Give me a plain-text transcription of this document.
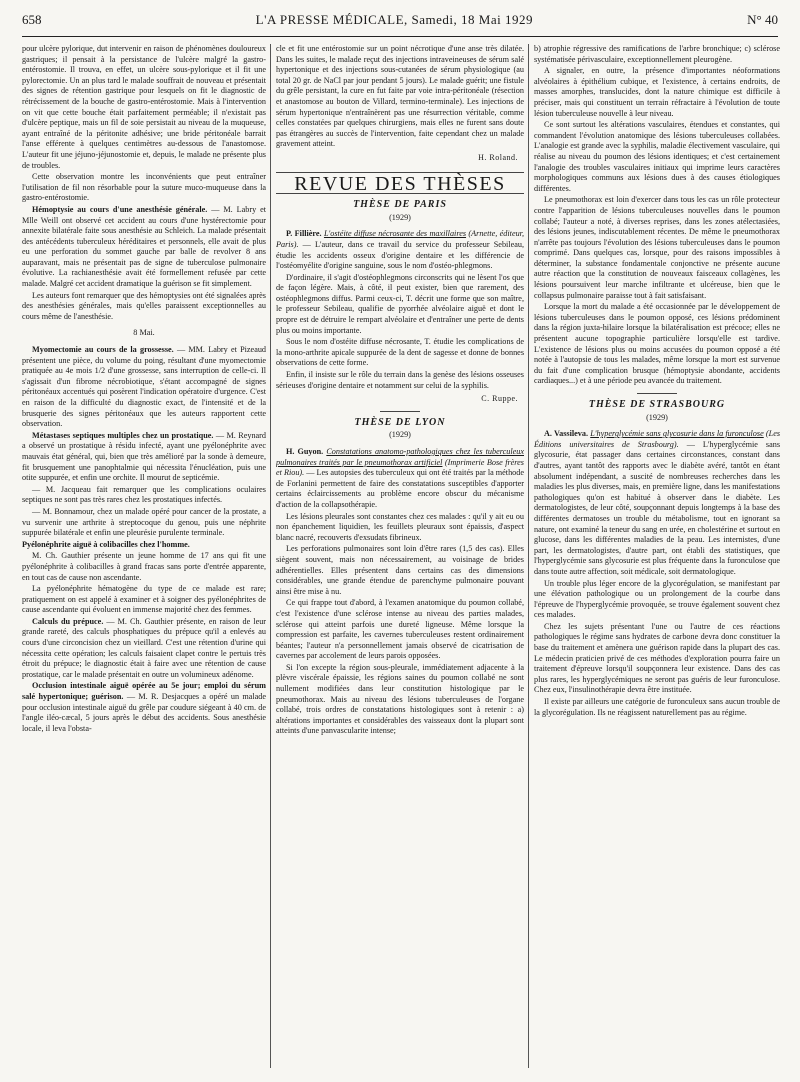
658	L'A PRESSE MÉDICALE, Samedi, 18 Mai 1929	N° 40

pour ulcère pylorique, dut intervenir en raison de phénomènes douloureux gastriques; il pensait à la persistance de l'ulcère malgré la gastro-entérostomie. Il trouva, en effet, un ulcère sous-pylorique et il fit une pylorectomie. Un an plus tard le malade souffrait de nouveau et présentait des signes de rétention gastrique pour lesquels on fit le diagnostic de rétrécissement de la bouche de gastro-entérostomie. Mais à l'intervention on vit que cette bouche était parfaitement perméable; il n'existait pas d'ulcère peptique, mais un fil de soie persistait au niveau de la muqueuse, ayant entraîné de la péritonite adhésive; une bride péritonéale barrait l'anse efférente à quelques centimètres au-dessous de l'anastomose. L'auteur fit une jéjuno-jéjunostomie et, depuis, le malade ne présente plus de troubles.

Cette observation montre les inconvénients que peut entraîner l'utilisation de fil non résorbable pour la suture muco-muqueuse dans la gastro-entérostomie.

Hémoptysie au cours d'une anesthésie générale. — M. Labry et Mlle Weill ont observé cet accident au cours d'une hystérectomie pour annexite bilatérale faite sous anesthésie au Schleich. La malade présentait des antécédents tuberculeux héréditaires et personnels, elle avait de plus eu une perforation du sommet gauche par balle de revolver 8 ans auparavant, mais ne présentait pas de signe de tuberculose pulmonaire évolutive. La rachianesthésie avait été formellement refusée par cette malade. Malgré cet accident dramatique la guérison se fit simplement.

Les auteurs font remarquer que des hémoptysies ont été signalées après des anesthésies générales, mais qu'elles paraissent exceptionnelles au cours même de l'anesthésie.

8 Mai.

Myomectomie au cours de la grossesse. — MM. Labry et Pizeaud présentent une pièce, du volume du poing, résultant d'une myomectomie pratiquée au 4e mois 1/2 d'une grossesse, sans interruption de celle-ci. Il s'agissait d'un fibrome nécrobiotique, s'étant accompagné de signes péritonéaux accentués qui posèrent l'indication opératoire d'urgence. C'est en raison de la difficulté du diagnostic exact, de l'intensité et de la brusquerie des signes péritonéaux que les auteurs rapportent cette observation.

Métastases septiques multiples chez un prostatique. — M. Reynard a observé un prostatique à résidu infecté, ayant une pyélonéphrite avec mauvais état général, qui, bien que très amélioré par la sonde à demeure, fit brusquement une panophtalmie qui nécessita l'énucléation, puis une otite suppurée, et enfin une orchite. Il mourut de septicémie.

— M. Jacqueau fait remarquer que les complications oculaires septiques ne sont pas très rares chez les prostatiques infectés.

— M. Bonnamour, chez un malade opéré pour cancer de la prostate, a vu survenir une arthrite à streptocoque du genou, puis une néphrite suppurée bilatérale et enfin une pleurésie purulente terminale.

Pyélonéphrite aiguë à colibacilles chez l'homme.

M. Ch. Gauthier présente un jeune homme de 17 ans qui fit une pyélonéphrite à colibacilles à grand fracas sans porte d'entrée apparente, en tout cas de cause non ascendante.

La pyélonéphrite hématogène du type de ce malade est rare; pratiquement on est appelé à examiner et à soigner des pyélonéphrites de cause ascendante qui évoluent en immense majorité chez des femmes.

Calculs du prépuce. — M. Ch. Gauthier présente, en raison de leur grande rareté, des calculs phosphatiques du prépuce qu'il a enlevés au cours d'une circoncision chez un vieillard. C'est une rétention d'urine qui nécessita cette opération; les calculs faisaient clapet contre le pertuis très étroit du prépuce; le diagnostic était à faire avec une rétention de cause prostatique, car le malade présentait en outre un volumineux adénome.

Occlusion intestinale aiguë opérée au 5e jour; emploi du sérum salé hypertonique; guérison. — M. R. Desjacques a opéré un malade pour occlusion intestinale aiguë du grêle par coudure siégeant à 40 cm. de l'angle iléo-cæcal, 5 jours après le début des accidents. Sous anesthésie locale, il leva l'obsta-

cle et fit une entérostomie sur un point nécrotique d'une anse très dilatée. Dans les suites, le malade reçut des injections intraveineuses de sérum salé hypertonique et des injections sous-cutanées de sérum physiologique (au total 20 gr. de NaCl par jour pendant 5 jours). Le malade guérit; une fistule du grêle persistant, la cure en fut faite par voie intra-péritonéale (résection et anastomose au bouton de Villard, termino-terminale). Les injections de sérum hypertonique n'entraînèrent pas une résurrection véritable, comme celles constatées par quelques chirurgiens, mais elles ne furent sans doute pas étrangères au succès de l'intervention, faite cependant chez un malade gravement atteint.

H. Roland.
REVUE DES THÈSES
THÈSE DE PARIS
(1929)

P. Fillière. L'ostéite diffuse nécrosante des maxillaires (Arnette, éditeur, Paris). — L'auteur, dans ce travail du service du professeur Sebileau, étudie les accidents osseux d'origine dentaire et les différencie de l'ostéomyélite d'origine sanguine, sous le nom d'ostéo-phlegmons.

D'ordinaire, il s'agit d'ostéophlegmons circonscrits qui ne lèsent l'os que de façon légère. Mais, à côté, il peut exister, bien que rarement, des ostéophlegmons diffus. Parmi ceux-ci, T. décrit une forme que son maître, le professeur Sebileau, qualifie de pyorrhée alvéolaire aiguë et dont le propre est de détruire le rempart alvéolaire et d'entraîner une perte de dents plus ou moins importante.

Sous le nom d'ostéite diffuse nécrosante, T. étudie les complications de la mono-arthrite apicale suppurée de la dent de sagesse et donne de bonnes observations de cette forme.

Enfin, il insiste sur le rôle du terrain dans la genèse des lésions osseuses sérieuses d'origine dentaire et notamment sur celui de la syphilis.

C. Ruppe.
THÈSE DE LYON
(1929)

H. Guyon. Constatations anatomo-pathologiques chez les tuberculeux pulmonaires traités par le pneumothorax artificiel (Imprimerie Bose frères et Riou). — Les autopsies des tuberculeux qui ont été traités par la méthode de Forlanini permettent de faire des constatations susceptibles d'apporter certains éclaircissements au problème encore obscur du mécanisme d'action de la collapsothérapie.

Les lésions pleurales sont constantes chez ces malades : qu'il y ait eu ou non épanchement liquidien, les feuillets pleuraux sont épaissis, d'aspect blanc nacré, recouverts d'exsudats fibrineux.

Les perforations pulmonaires sont loin d'être rares (1,5 des cas). Elles siègent souvent, mais non nécessairement, au voisinage de brides adhérentielles. Elles présentent dans certains cas des dimensions considérables, une grande étendue de parenchyme pulmonaire pouvant ainsi être mise à nu.

Ce qui frappe tout d'abord, à l'examen anatomique du poumon collabé, c'est l'existence d'une sclérose intense au niveau des parties malades, sclérose qui atteint parfois une dureté ligneuse. Même lorsque la compression est parfaite, les cavernes tuberculeuses restent ordinairement béantes; l'auteur n'a personnellement jamais observé de cicatrisation de cavernes par accolement de leurs parois opposées.

Si l'on excepte la région sous-pleurale, immédiatement adjacente à la plèvre viscérale épaissie, les régions saines du poumon collabé ne sont nullement modifiées dans leur constitution histologique par le pneumothorax. Mais au niveau des lésions tuberculeuses de l'organe collabé, trois ordres de constatations histologiques sont à retenir : a) altérations importantes et considérables des vaisseaux dont la plupart sont atteints d'une panvascularite intense;

b) atrophie régressive des ramifications de l'arbre bronchique; c) sclérose systématisée périvasculaire, exceptionnellement pleurogène.

A signaler, en outre, la présence d'importantes néoformations alvéolaires à épithélium cubique, et l'existence, à certains endroits, de masses amorphes, translucides, dont la nature chimique est difficile à préciser, mais qui constituent un terrain réfractaire à l'évolution de toute lésion tuberculeuse nouvelle à leur niveau.

Ce sont surtout les altérations vasculaires, étendues et constantes, qui commandent l'évolution anatomique des lésions tuberculeuses collabées. L'analogie est grande avec la syphilis, maladie électivement vasculaire, qui réalise au niveau du poumon des lésions identiques; et c'est certainement l'analogie des troubles vasculaires initiaux qui imprime leurs caractères morphologiques communs aux lésions dues à des causes étiologiques différentes.

Le pneumothorax est loin d'exercer dans tous les cas un rôle protecteur contre l'apparition de lésions tuberculeuses nouvelles dans le poumon collabé; l'auteur a noté, à diverses reprises, dans les zones atélectasiées, des lésions jeunes, indiscutablement récentes. De même le pneumothorax n'arrête pas toujours l'évolution des lésions tuberculeuses dans le poumon comprimé. Dans quelques cas, lorsque, pour des raisons impossibles à déterminer, la substance fondamentale conjonctive ne présente aucune autre réaction que la constitution de nouveaux faisceaux collagènes, les lésions poursuivent leur marche infiltrante et ulcéreuse, bien que le collapsus pulmonaire paraisse tout à fait satisfaisant.

Lorsque la mort du malade a été occasionnée par le développement de lésions tuberculeuses dans le poumon opposé, ces lésions prédominent dans la région juxta-hilaire lorsque la bilatéralisation est précoce; elles ne présentent aucune topographie particulière lorsqu'elle est tardive. L'existence de lésions plus ou moins accusées du poumon opposé a été notée à l'autopsie de tous les malades, même lorsque la mort est survenue du fait d'une complication brusque (hémoptysie abondante, accidents cardiaques...) et à une période peu avancée du traitement.

THÈSE DE STRASBOURG
(1929)

A. Vassileva. L'hyperglycémie sans glycosurie dans la furonculose (Les Éditions universitaires de Strasbourg). — L'hyperglycémie sans glycosurie, état passager dans certaines circonstances, constant dans d'autres, ayant tantôt des rapports avec le diabète avéré, tantôt en étant absolument indépendant, a suscité de nombreuses recherches dans les maladies les plus diverses, mais, en première ligne, dans les manifestations pathologiques qu'on est habitué à observer dans le diabète. Les dermatologistes, de leur côté, soupçonnant depuis longtemps à la base des différentes dermatoses un trouble du métabolisme, tout en ignorant sa nature, ont examiné la teneur du sang en urée, en cholestérine et surtout en glucose, dans les différentes maladies de la peau. Les internistes, d'une part, les dermatologistes, d'autre part, ont établi des statistiques, que l'hyperglycémie sans glycosurie est plus fréquente dans la furonculose que dans toute autre affection, soit médicale, soit dermatologique.

Un trouble plus léger encore de la glycorégulation, se manifestant par une élévation pathologique ou un prolongement de la courbe dans l'épreuve de l'hyperglycémie provoquée, se trouve également souvent chez ces malades.

Chez les sujets présentant l'une ou l'autre de ces réactions pathologiques le régime sans hydrates de carbone devra donc constituer la base du traitement et amènera une guérison rapide dans la plupart des cas. Le médecin praticien privé de ces méthodes d'exploration pourra faire un traitement d'épreuve lorsqu'il soupçonnera leur existence. Dans des cas plus rares, les hyperglycémiques ne seront pas guéris de leur furonculose. Chez eux, l'insulinothérapie devra être instituée.

Il existe par ailleurs une catégorie de furonculeux sans aucun trouble de la glycorégulation. Ils ne réagissent naturellement pas au régime.
